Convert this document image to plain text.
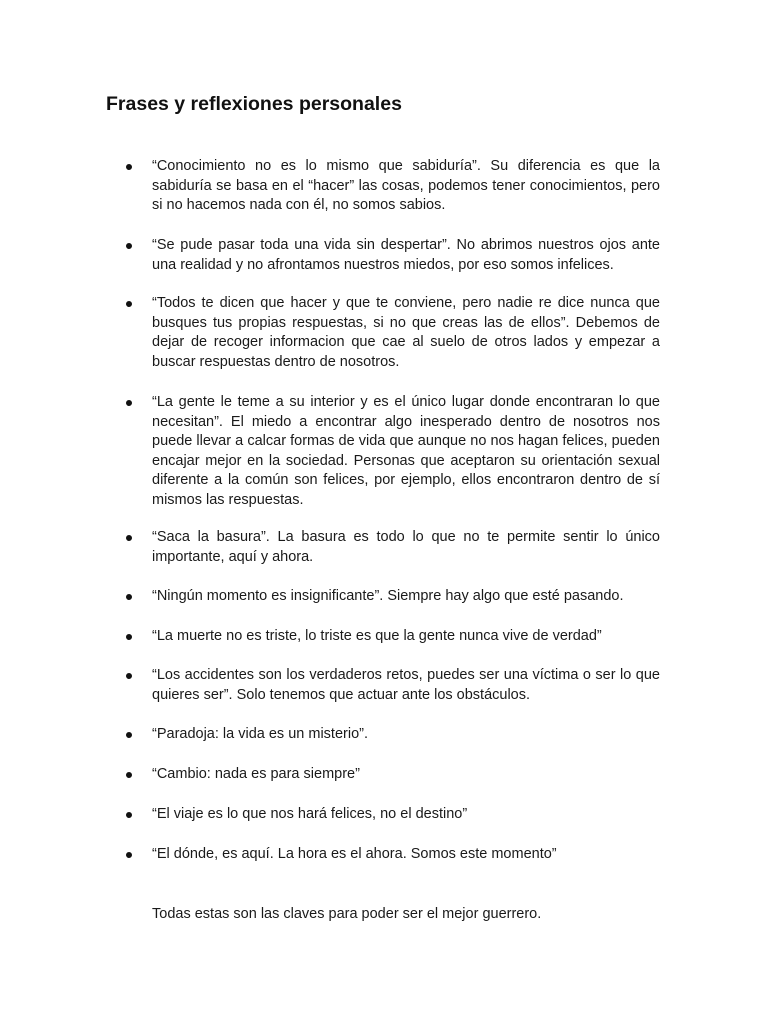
Frases y reflexiones personales

“Conocimiento no es lo mismo que sabiduría”. Su diferencia es que la sabiduría se basa en el “hacer” las cosas, podemos tener conocimientos, pero si no hacemos nada con él, no somos sabios.

“Se pude pasar toda una vida sin despertar”. No abrimos nuestros ojos ante una realidad y no afrontamos nuestros miedos, por eso somos infelices.

“Todos te dicen que hacer y que te conviene, pero nadie re dice nunca que busques tus propias respuestas, si no que creas las de ellos”. Debemos de dejar de recoger informacion que cae al suelo de otros lados y empezar a buscar respuestas dentro de nosotros.

“La gente le teme a su interior y es el único lugar donde encontraran lo que necesitan”. El miedo a encontrar algo inesperado dentro de nosotros nos puede llevar a calcar formas de vida que aunque no nos hagan felices, pueden encajar mejor en la sociedad. Personas que aceptaron su orientación sexual diferente a la común son felices, por ejemplo, ellos encontraron dentro de sí mismos las respuestas.

“Saca la basura”. La basura es todo lo que no te permite sentir lo único importante, aquí y ahora.

“Ningún momento es insignificante”. Siempre hay algo que esté pasando.

“La muerte no es triste, lo triste es que la gente nunca vive de verdad”

“Los accidentes son los verdaderos retos, puedes ser una víctima o ser lo que quieres ser”. Solo tenemos que actuar ante los obstáculos.

“Paradoja: la vida es un misterio”.

“Cambio: nada es para siempre”

“El viaje es lo que nos hará felices, no el destino”

“El dónde, es aquí. La hora es el ahora. Somos este momento”

Todas estas son las claves para poder ser el mejor guerrero.
